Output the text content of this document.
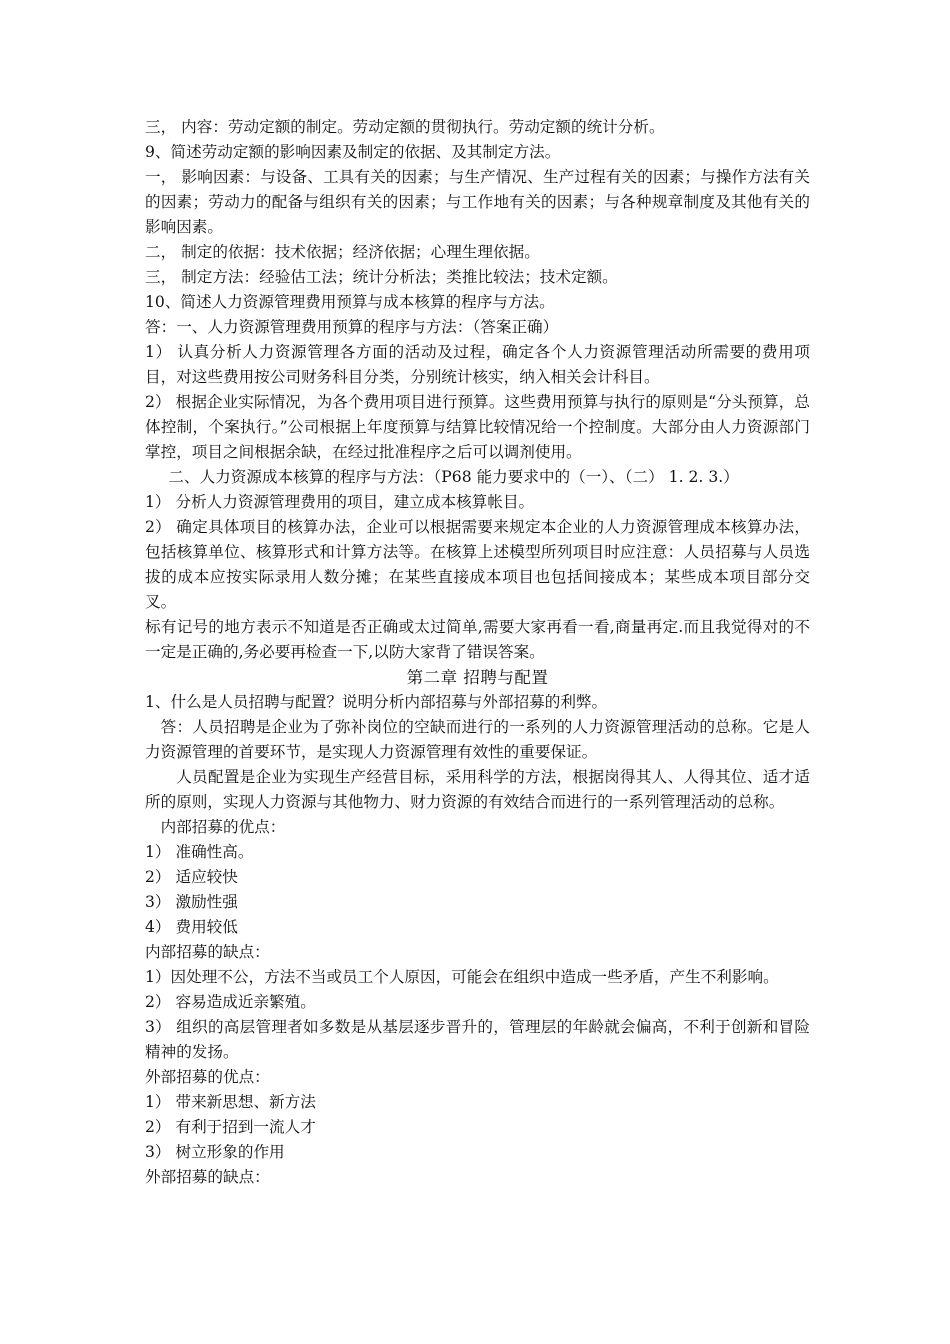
三， 内容：劳动定额的制定。劳动定额的贯彻执行。劳动定额的统计分析。

9、简述劳动定额的影响因素及制定的依据、及其制定方法。

一， 影响因素：与设备、工具有关的因素；与生产情况、生产过程有关的因素；与操作方法有关的因素；劳动力的配备与组织有关的因素；与工作地有关的因素；与各种规章制度及其他有关的影响因素。

二， 制定的依据：技术依据；经济依据；心理生理依据。

三， 制定方法：经验估工法；统计分析法；类推比较法；技术定额。

10、简述人力资源管理费用预算与成本核算的程序与方法。

答：一、人力资源管理费用预算的程序与方法：（答案正确）

1） 认真分析人力资源管理各方面的活动及过程，确定各个人力资源管理活动所需要的费用项目，对这些费用按公司财务科目分类，分别统计核实，纳入相关会计科目。

2） 根据企业实际情况，为各个费用项目进行预算。这些费用预算与执行的原则是“分头预算，总体控制，个案执行。”公司根据上年度预算与结算比较情况给一个控制度。大部分由人力资源部门掌控，项目之间根据余缺，在经过批准程序之后可以调剂使用。

二、人力资源成本核算的程序与方法：（P68 能力要求中的（一）、（二） 1. 2. 3.）

1） 分析人力资源管理费用的项目，建立成本核算帐目。

2） 确定具体项目的核算办法，企业可以根据需要来规定本企业的人力资源管理成本核算办法，包括核算单位、核算形式和计算方法等。在核算上述模型所列项目时应注意：人员招募与人员选拔的成本应按实际录用人数分摊；在某些直接成本项目也包括间接成本；某些成本项目部分交叉。

标有记号的地方表示不知道是否正确或太过简单,需要大家再看一看,商量再定.而且我觉得对的不一定是正确的,务必要再检查一下,以防大家背了错误答案。

第二章 招聘与配置

1、什么是人员招聘与配置？说明分析内部招募与外部招募的利弊。

答：人员招聘是企业为了弥补岗位的空缺而进行的一系列的人力资源管理活动的总称。它是人力资源管理的首要环节，是实现人力资源管理有效性的重要保证。

人员配置是企业为实现生产经营目标，采用科学的方法，根据岗得其人、人得其位、适才适所的原则，实现人力资源与其他物力、财力资源的有效结合而进行的一系列管理活动的总称。

内部招募的优点：

1） 准确性高。

2） 适应较快

3） 激励性强

4） 费用较低

内部招募的缺点：

1）因处理不公，方法不当或员工个人原因，可能会在组织中造成一些矛盾，产生不利影响。

2） 容易造成近亲繁殖。

3） 组织的高层管理者如多数是从基层逐步晋升的，管理层的年龄就会偏高，不利于创新和冒险精神的发扬。

外部招募的优点：

1） 带来新思想、新方法

2） 有利于招到一流人才

3） 树立形象的作用

外部招募的缺点：
